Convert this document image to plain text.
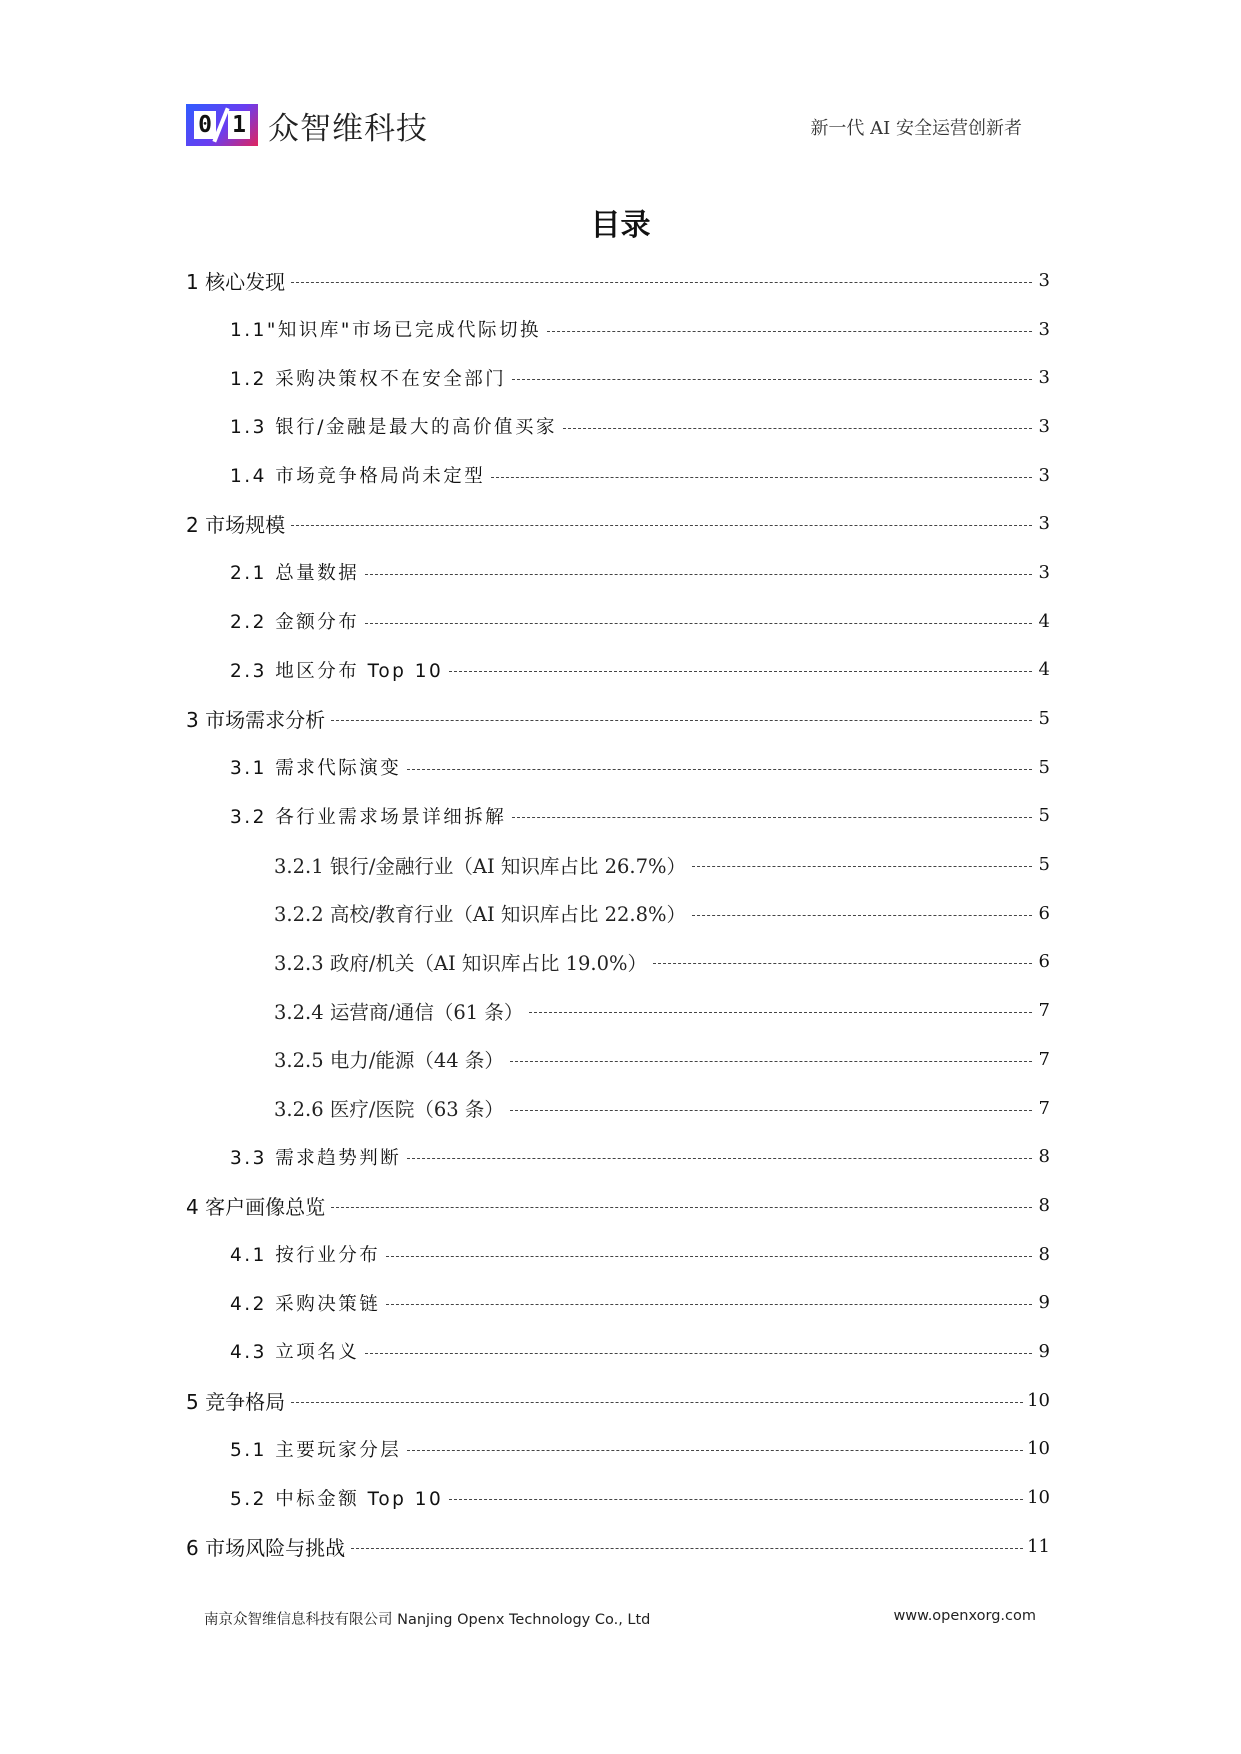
0 1 众智维科技	新一代 AI 安全运营创新者
目录
1 核心发现	3
1.1"知识库"市场已完成代际切换	3
1.2 采购决策权不在安全部门	3
1.3 银行/金融是最大的高价值买家	3
1.4 市场竞争格局尚未定型	3
2 市场规模	3
2.1 总量数据	3
2.2 金额分布	4
2.3 地区分布 Top 10	4
3 市场需求分析	5
3.1 需求代际演变	5
3.2 各行业需求场景详细拆解	5
3.2.1 银行/金融行业（AI 知识库占比 26.7%）	5
3.2.2 高校/教育行业（AI 知识库占比 22.8%）	6
3.2.3 政府/机关（AI 知识库占比 19.0%）	6
3.2.4 运营商/通信（61 条）	7
3.2.5 电力/能源（44 条）	7
3.2.6 医疗/医院（63 条）	7
3.3 需求趋势判断	8
4 客户画像总览	8
4.1 按行业分布	8
4.2 采购决策链	9
4.3 立项名义	9
5 竞争格局	10
5.1 主要玩家分层	10
5.2 中标金额 Top 10	10
6 市场风险与挑战	11
南京众智维信息科技有限公司 Nanjing Openx Technology Co., Ltd	www.openxorg.com
